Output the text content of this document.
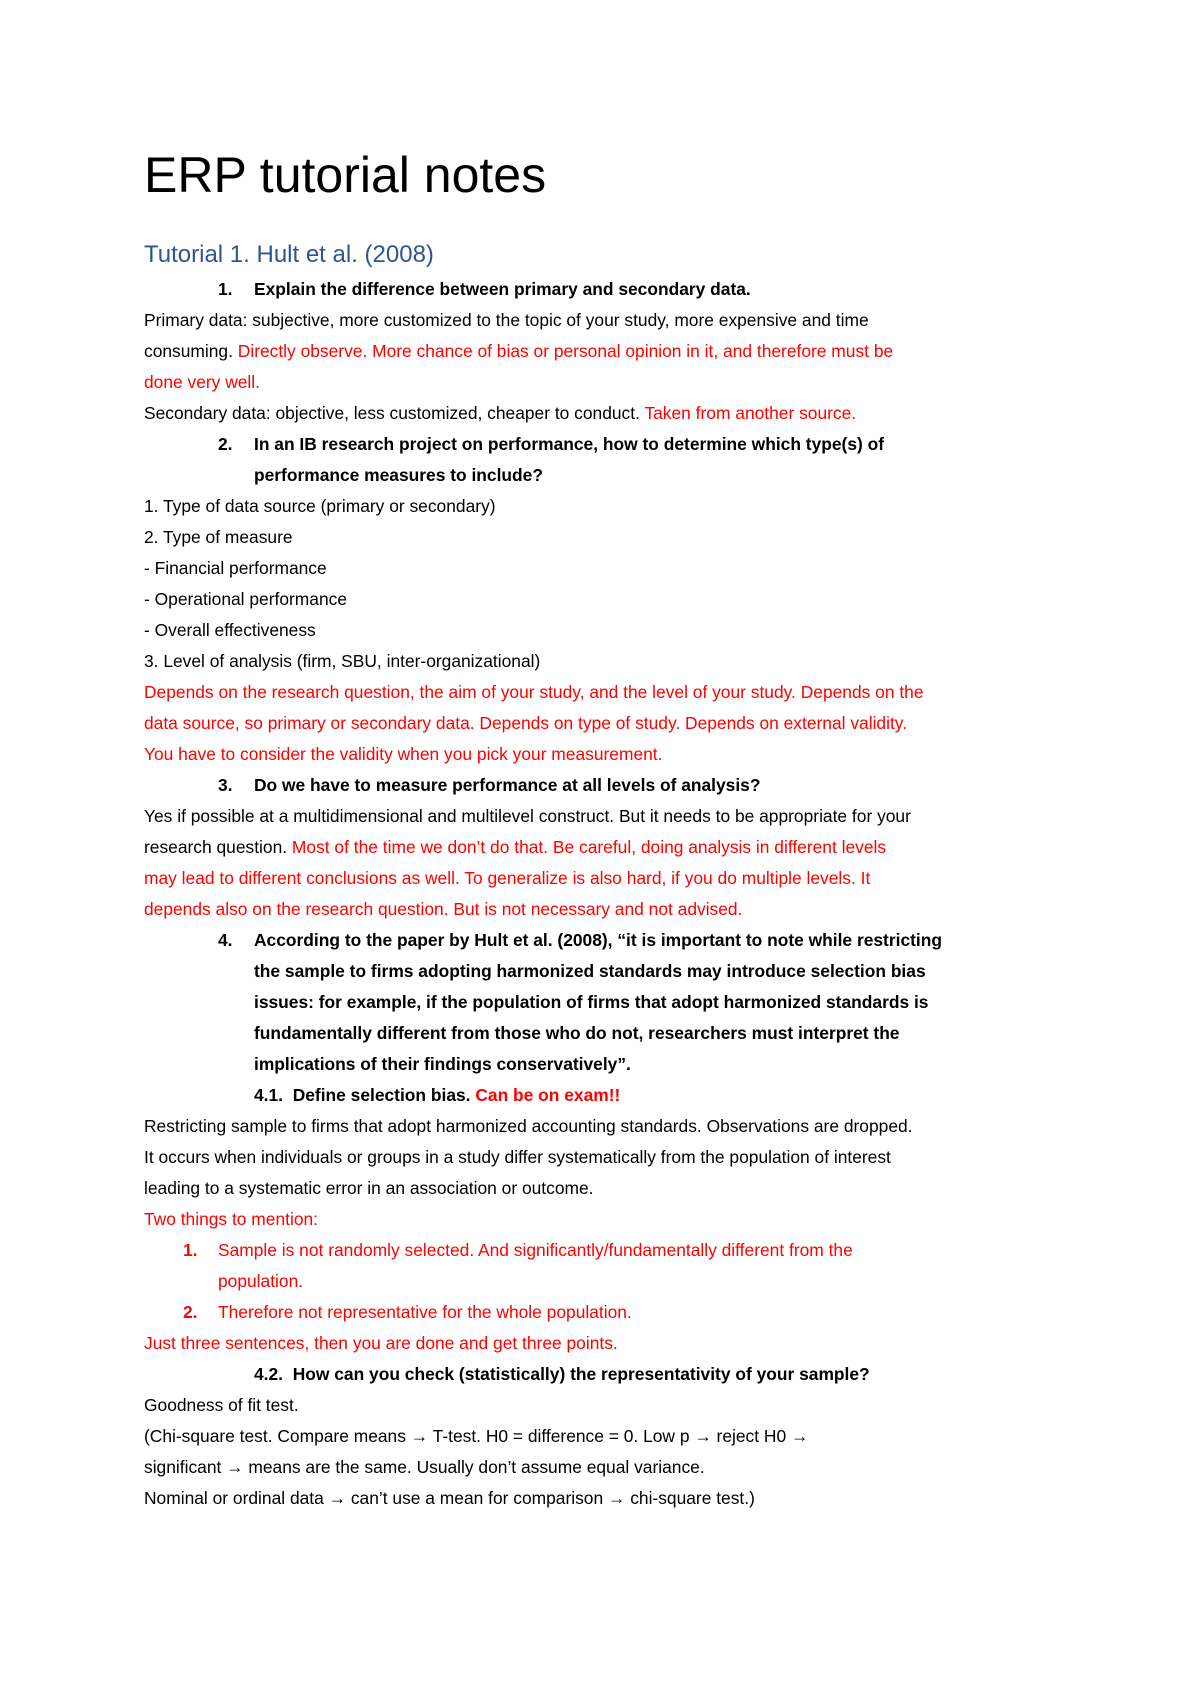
ERP tutorial notes
Tutorial 1. Hult et al. (2008)
1. Explain the difference between primary and secondary data.
Primary data: subjective, more customized to the topic of your study, more expensive and time
consuming. Directly observe. More chance of bias or personal opinion in it, and therefore must be
done very well.
Secondary data: objective, less customized, cheaper to conduct. Taken from another source.
2. In an IB research project on performance, how to determine which type(s) of
performance measures to include?
1. Type of data source (primary or secondary)
2. Type of measure
- Financial performance
- Operational performance
- Overall effectiveness
3. Level of analysis (firm, SBU, inter-organizational)
Depends on the research question, the aim of your study, and the level of your study. Depends on the
data source, so primary or secondary data. Depends on type of study. Depends on external validity.
You have to consider the validity when you pick your measurement.
3. Do we have to measure performance at all levels of analysis?
Yes if possible at a multidimensional and multilevel construct. But it needs to be appropriate for your
research question. Most of the time we don’t do that. Be careful, doing analysis in different levels
may lead to different conclusions as well. To generalize is also hard, if you do multiple levels. It
depends also on the research question. But is not necessary and not advised.
4. According to the paper by Hult et al. (2008), “it is important to note while restricting
the sample to firms adopting harmonized standards may introduce selection bias
issues: for example, if the population of firms that adopt harmonized standards is
fundamentally different from those who do not, researchers must interpret the
implications of their findings conservatively”.
4.1. Define selection bias. Can be on exam!!
Restricting sample to firms that adopt harmonized accounting standards. Observations are dropped.
It occurs when individuals or groups in a study differ systematically from the population of interest
leading to a systematic error in an association or outcome.
Two things to mention:
1. Sample is not randomly selected. And significantly/fundamentally different from the
population.
2. Therefore not representative for the whole population.
Just three sentences, then you are done and get three points.
4.2. How can you check (statistically) the representativity of your sample?
Goodness of fit test.
(Chi-square test. Compare means → T-test. H0 = difference = 0. Low p → reject H0 →
significant → means are the same. Usually don’t assume equal variance.
Nominal or ordinal data → can’t use a mean for comparison → chi-square test.)
